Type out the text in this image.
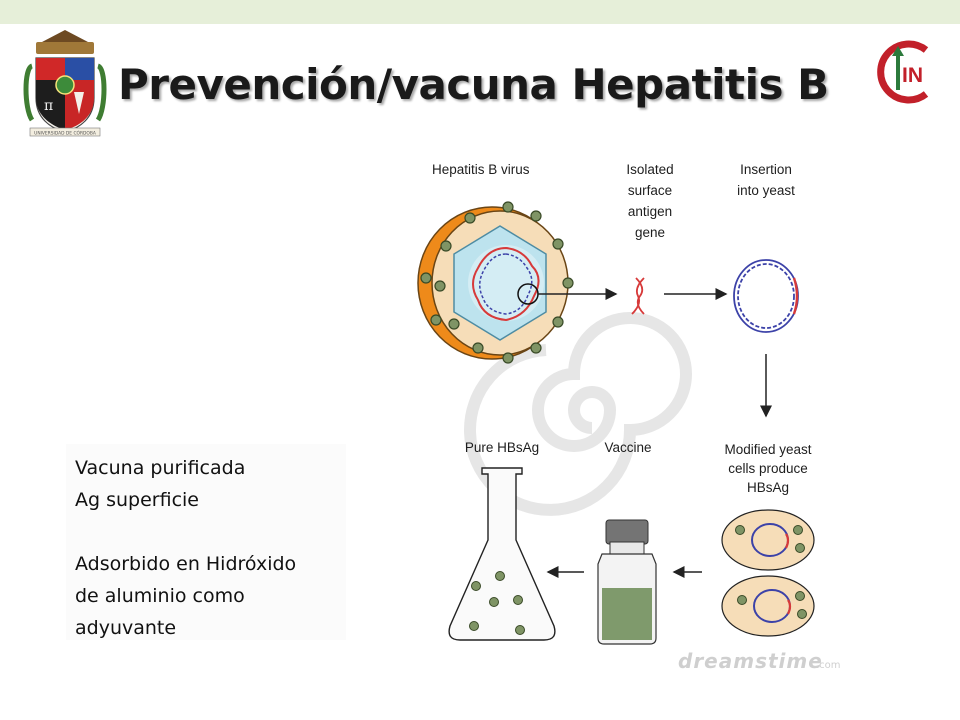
π
UNIVERSIDAD DE CÓRDOBA
Prevención/vacuna Hepatitis B	IN
Vacuna purificada
Ag superficie
Adsorbido en Hidróxido
de aluminio como
adyuvante
Hepatitis B virus	Isolated
surface
antigen
gene
Insertion
into yeast
Modified yeast
cells produce
HBsAg
Vaccine
Pure HBsAg
dreamstime
.com
